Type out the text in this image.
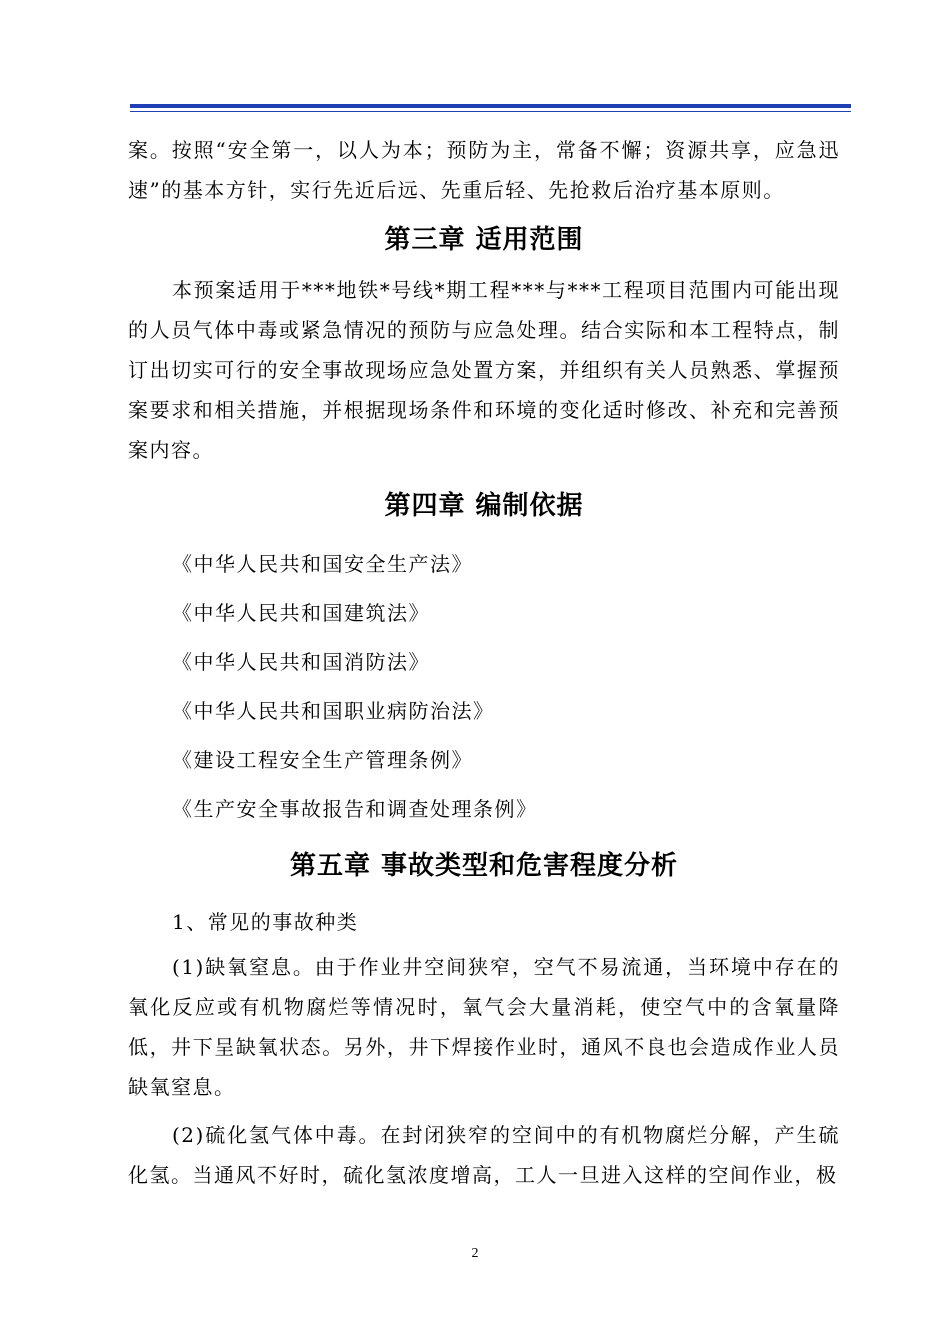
案。按照“安全第一，以人为本；预防为主，常备不懈；资源共享，应急迅速”的基本方针，实行先近后远、先重后轻、先抢救后治疗基本原则。

第三章 适用范围

本预案适用于***地铁*号线*期工程***与***工程项目范围内可能出现的人员气体中毒或紧急情况的预防与应急处理。结合实际和本工程特点，制订出切实可行的安全事故现场应急处置方案，并组织有关人员熟悉、掌握预案要求和相关措施，并根据现场条件和环境的变化适时修改、补充和完善预案内容。

第四章 编制依据

《中华人民共和国安全生产法》

《中华人民共和国建筑法》

《中华人民共和国消防法》

《中华人民共和国职业病防治法》

《建设工程安全生产管理条例》

《生产安全事故报告和调查处理条例》

第五章 事故类型和危害程度分析

1、常见的事故种类

(1)缺氧窒息。由于作业井空间狭窄，空气不易流通，当环境中存在的氧化反应或有机物腐烂等情况时，氧气会大量消耗，使空气中的含氧量降低，井下呈缺氧状态。另外，井下焊接作业时，通风不良也会造成作业人员缺氧窒息。

(2)硫化氢气体中毒。在封闭狭窄的空间中的有机物腐烂分解，产生硫化氢。当通风不好时，硫化氢浓度增高，工人一旦进入这样的空间作业，极

2
